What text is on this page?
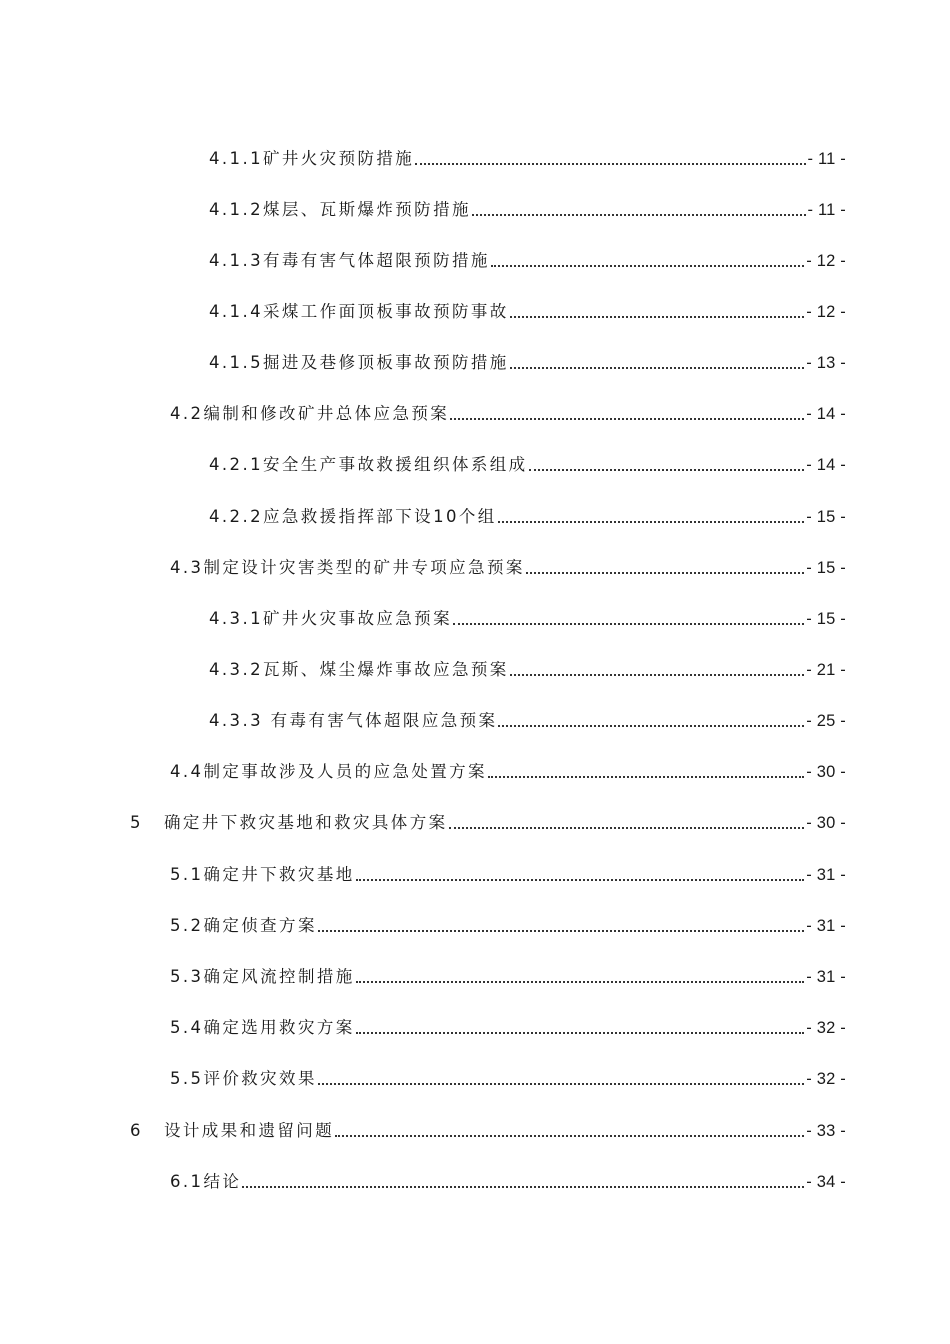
4.1.1矿井火灾预防措施	- 11 -
4.1.2煤层、瓦斯爆炸预防措施	- 11 -
4.1.3有毒有害气体超限预防措施	- 12 -
4.1.4采煤工作面顶板事故预防事故	- 12 -
4.1.5掘进及巷修顶板事故预防措施	- 13 -
4.2编制和修改矿井总体应急预案	- 14 -
4.2.1安全生产事故救援组织体系组成	- 14 -
4.2.2应急救援指挥部下设10个组	- 15 -
4.3制定设计灾害类型的矿井专项应急预案	- 15 -
4.3.1矿井火灾事故应急预案	- 15 -
4.3.2瓦斯、煤尘爆炸事故应急预案	- 21 -
4.3.3 有毒有害气体超限应急预案	- 25 -
4.4制定事故涉及人员的应急处置方案	- 30 -
5 确定井下救灾基地和救灾具体方案	- 30 -
5.1确定井下救灾基地	- 31 -
5.2确定侦查方案	- 31 -
5.3确定风流控制措施	- 31 -
5.4确定选用救灾方案	- 32 -
5.5评价救灾效果	- 32 -
6 设计成果和遗留问题	- 33 -
6.1结论	- 34 -
